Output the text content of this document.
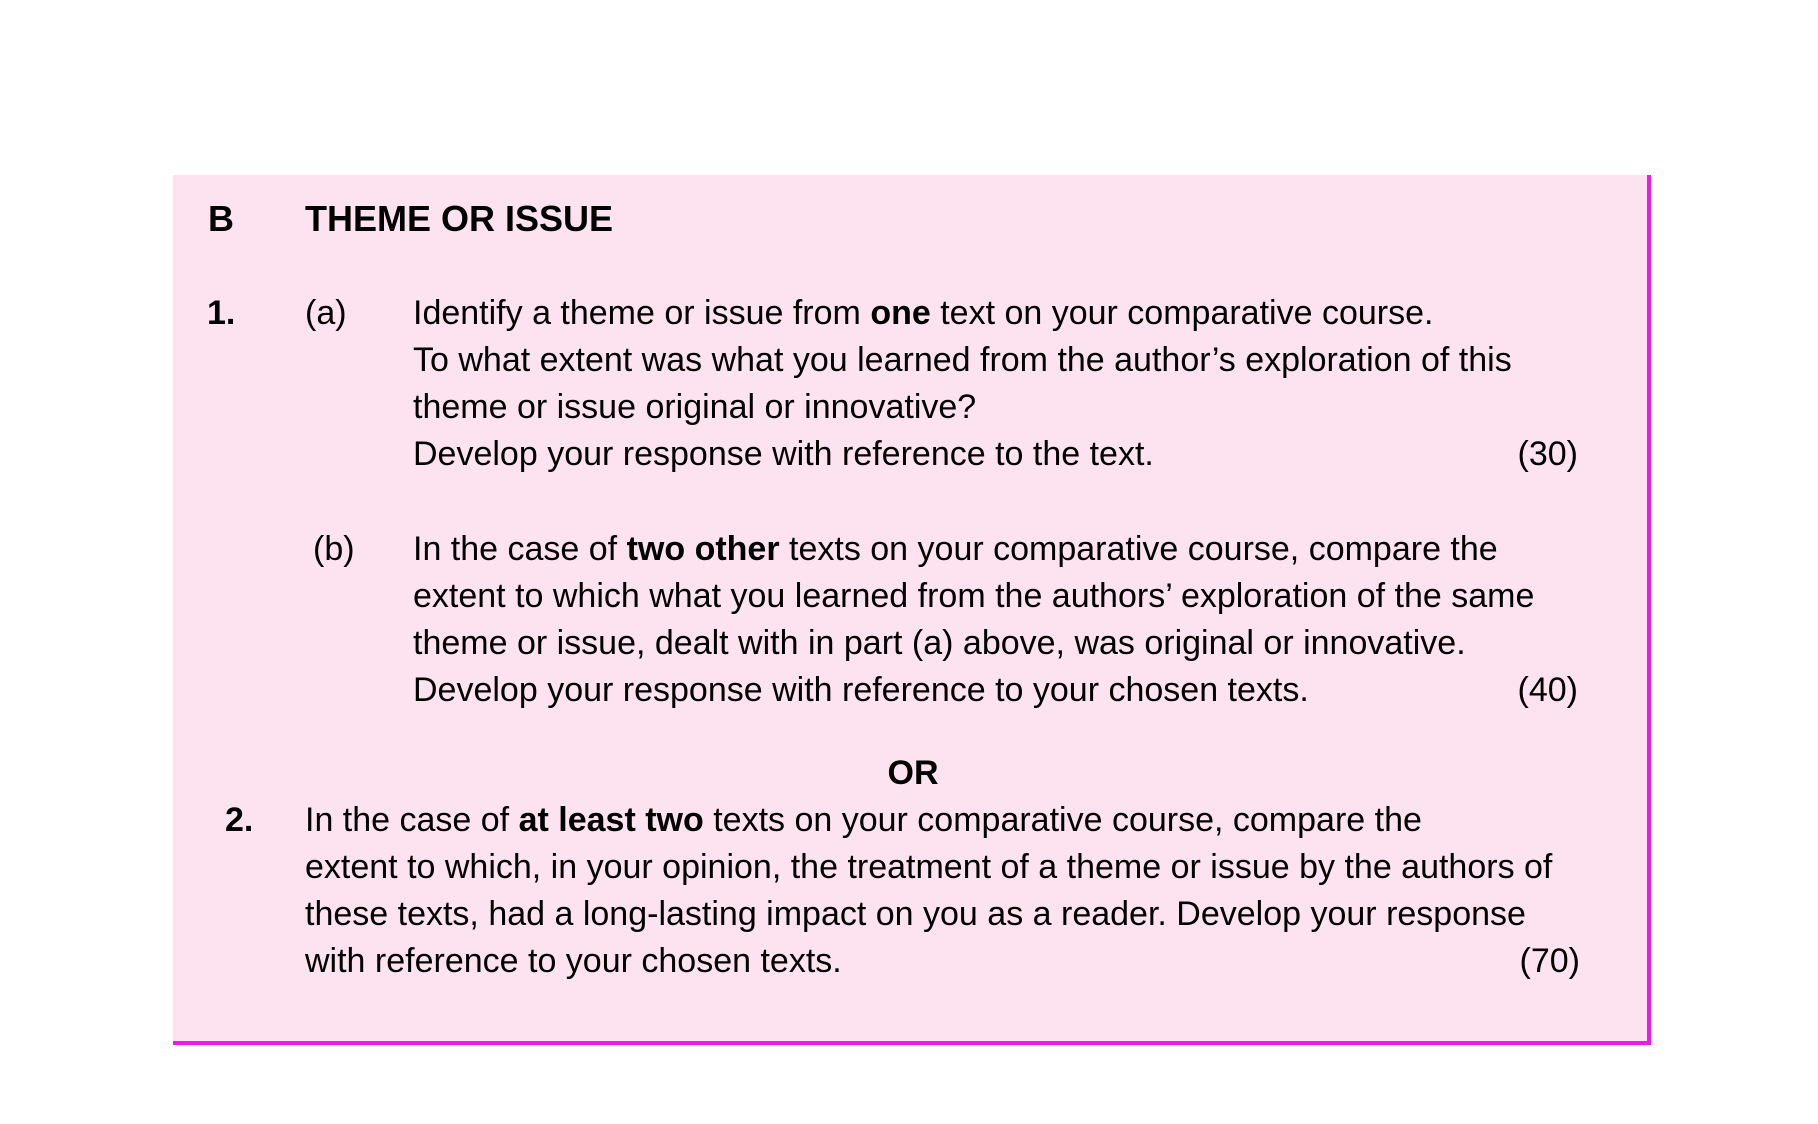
B THEME OR ISSUE
1. (a) Identify a theme or issue from one text on your comparative course.
To what extent was what you learned from the author’s exploration of this
theme or issue original or innovative?
Develop your response with reference to the text.	(30)
(b) In the case of two other texts on your comparative course, compare the
extent to which what you learned from the authors’ exploration of the same
theme or issue, dealt with in part (a) above, was original or innovative.
Develop your response with reference to your chosen texts.	(40)
OR
2. In the case of at least two texts on your comparative course, compare the
extent to which, in your opinion, the treatment of a theme or issue by the authors of
these texts, had a long-lasting impact on you as a reader. Develop your response
with reference to your chosen texts.	(70)
